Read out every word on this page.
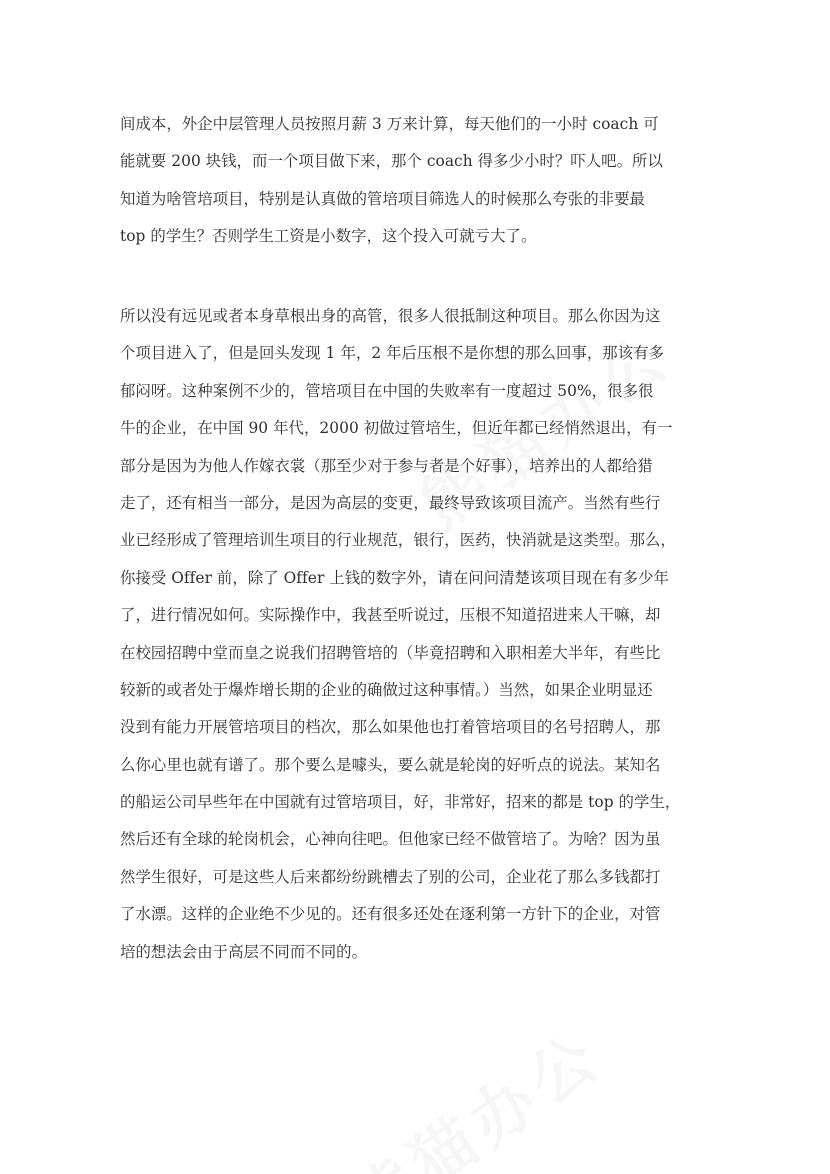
间成本，外企中层管理人员按照月薪 3 万来计算，每天他们的一小时 coach 可
能就要 200 块钱，而一个项目做下来，那个 coach 得多少小时？吓人吧。所以
知道为啥管培项目，特别是认真做的管培项目筛选人的时候那么夸张的非要最
top 的学生？否则学生工资是小数字，这个投入可就亏大了。
所以没有远见或者本身草根出身的高管，很多人很抵制这种项目。那么你因为这
个项目进入了，但是回头发现 1 年，2 年后压根不是你想的那么回事，那该有多
郁闷呀。这种案例不少的，管培项目在中国的失败率有一度超过 50%，很多很
牛的企业，在中国 90 年代，2000 初做过管培生，但近年都已经悄然退出，有一
部分是因为为他人作嫁衣裳（那至少对于参与者是个好事），培养出的人都给猎
走了，还有相当一部分，是因为高层的变更，最终导致该项目流产。当然有些行
业已经形成了管理培训生项目的行业规范，银行，医药，快消就是这类型。那么，
你接受 Offer 前，除了 Offer 上钱的数字外，请在问问清楚该项目现在有多少年
了，进行情况如何。实际操作中，我甚至听说过，压根不知道招进来人干嘛，却
在校园招聘中堂而皇之说我们招聘管培的（毕竟招聘和入职相差大半年，有些比
较新的或者处于爆炸增长期的企业的确做过这种事情。）当然，如果企业明显还
没到有能力开展管培项目的档次，那么如果他也打着管培项目的名号招聘人，那
么你心里也就有谱了。那个要么是噱头，要么就是轮岗的好听点的说法。某知名
的船运公司早些年在中国就有过管培项目，好，非常好，招来的都是 top 的学生，
然后还有全球的轮岗机会，心神向往吧。但他家已经不做管培了。为啥？因为虽
然学生很好，可是这些人后来都纷纷跳槽去了别的公司，企业花了那么多钱都打
了水漂。这样的企业绝不少见的。还有很多还处在逐利第一方针下的企业，对管
培的想法会由于高层不同而不同的。
